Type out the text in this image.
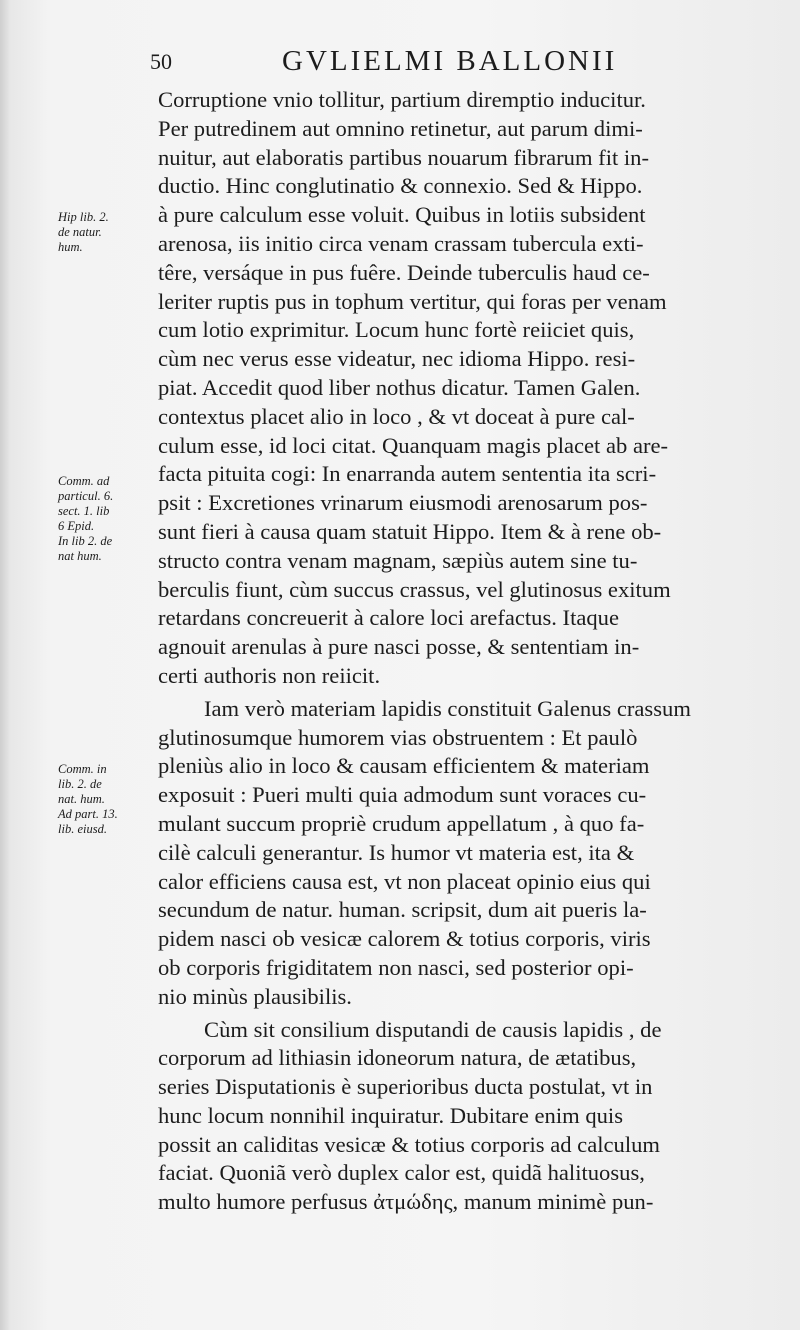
50	GVLIELMI BALLONII
Hip lib. 2.
de natur.
hum.
Comm. ad
particul. 6.
sect. 1. lib
6 Epid.
In lib 2. de
nat hum.
Comm. in
lib. 2. de
nat. hum.
Ad part. 13.
lib. eiusd.
Corruptione vnio tollitur, partium diremptio inducitur.
Per putredinem aut omnino retinetur, aut parum dimi-
nuitur, aut elaboratis partibus nouarum fibrarum fit in-
ductio. Hinc conglutinatio & connexio. Sed & Hippo.
à pure calculum esse voluit. Quibus in lotiis subsident
arenosa, iis initio circa venam crassam tubercula exti-
têre, versáque in pus fuêre. Deinde tuberculis haud ce-
leriter ruptis pus in tophum vertitur, qui foras per venam
cum lotio exprimitur. Locum hunc fortè reiiciet quis,
cùm nec verus esse videatur, nec idioma Hippo. resi-
piat. Accedit quod liber nothus dicatur. Tamen Galen.
contextus placet alio in loco , & vt doceat à pure cal-
culum esse, id loci citat. Quanquam magis placet ab are-
facta pituita cogi: In enarranda autem sententia ita scri-
psit : Excretiones vrinarum eiusmodi arenosarum pos-
sunt fieri à causa quam statuit Hippo. Item & à rene ob-
structo contra venam magnam, sæpiùs autem sine tu-
berculis fiunt, cùm succus crassus, vel glutinosus exitum
retardans concreuerit à calore loci arefactus. Itaque
agnouit arenulas à pure nasci posse, & sententiam in-
certi authoris non reiicit.
Iam verò materiam lapidis constituit Galenus crassum
glutinosumque humorem vias obstruentem : Et paulò
pleniùs alio in loco & causam efficientem & materiam
exposuit : Pueri multi quia admodum sunt voraces cu-
mulant succum propriè crudum appellatum , à quo fa-
cilè calculi generantur. Is humor vt materia est, ita &
calor efficiens causa est, vt non placeat opinio eius qui
secundum de natur. human. scripsit, dum ait pueris la-
pidem nasci ob vesicæ calorem & totius corporis, viris
ob corporis frigiditatem non nasci, sed posterior opi-
nio minùs plausibilis.
Cùm sit consilium disputandi de causis lapidis , de
corporum ad lithiasin idoneorum natura, de ætatibus,
series Disputationis è superioribus ducta postulat, vt in
hunc locum nonnihil inquiratur. Dubitare enim quis
possit an caliditas vesicæ & totius corporis ad calculum
faciat. Quoniã verò duplex calor est, quidã halituosus,
multo humore perfusus ἀτμώδης, manum minimè pun-
